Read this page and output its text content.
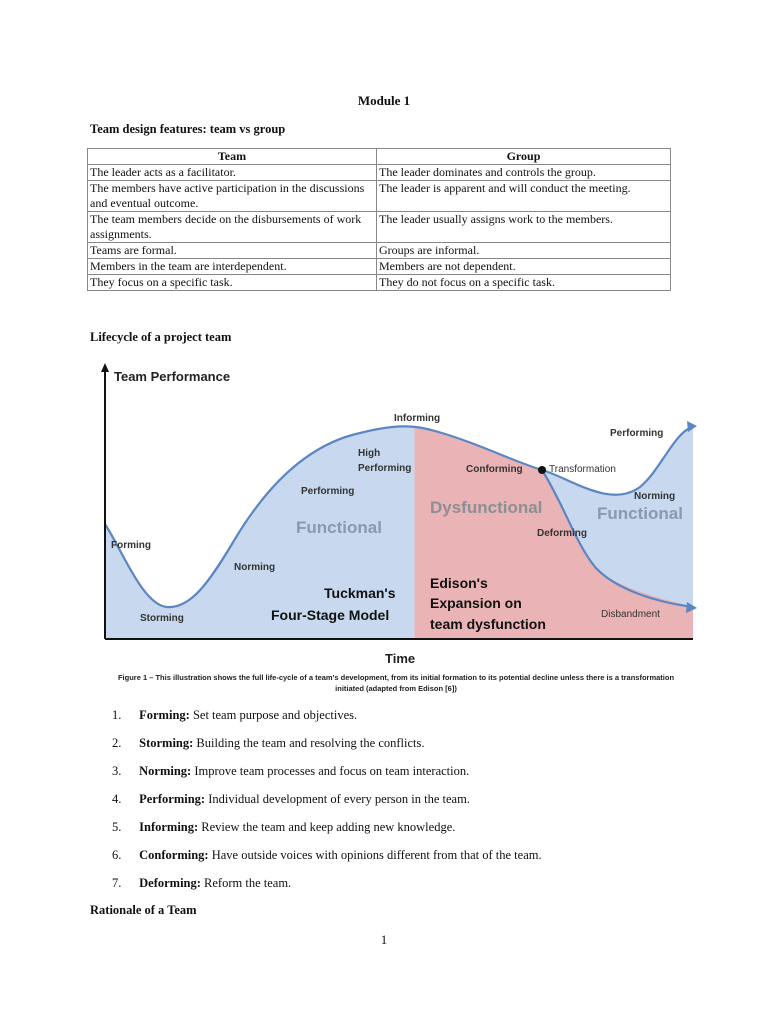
Module 1
Team design features: team vs group
Team	Group
The leader acts as a facilitator.	The leader dominates and controls the group.
The members have active participation in the discussions and eventual outcome.	The leader is apparent and will conduct the meeting.
The team members decide on the disbursements of work assignments.	The leader usually assigns work to the members.
Teams are formal.	Groups are informal.
Members in the team are interdependent.	Members are not dependent.
They focus on a specific task.	They do not focus on a specific task.
Lifecycle of a project team
Team Performance
Time
Forming
Storming
Norming
Performing
High
Performing
Informing
Conforming	Transformation
Norming
Performing
Deforming
Disbandment
Functional
Dysfunctional	Functional
Tuckman's
Four-Stage Model
Edison's
Expansion on
team dysfunction
Figure 1 – This illustration shows the full life-cycle of a team's development, from its initial formation to its potential decline unless there is a transformation
initiated (adapted from Edison [6])
1. Forming: Set team purpose and objectives.
2. Storming: Building the team and resolving the conflicts.
3. Norming: Improve team processes and focus on team interaction.
4. Performing: Individual development of every person in the team.
5. Informing: Review the team and keep adding new knowledge.
6. Conforming: Have outside voices with opinions different from that of the team.
7. Deforming: Reform the team.
Rationale of a Team
1
